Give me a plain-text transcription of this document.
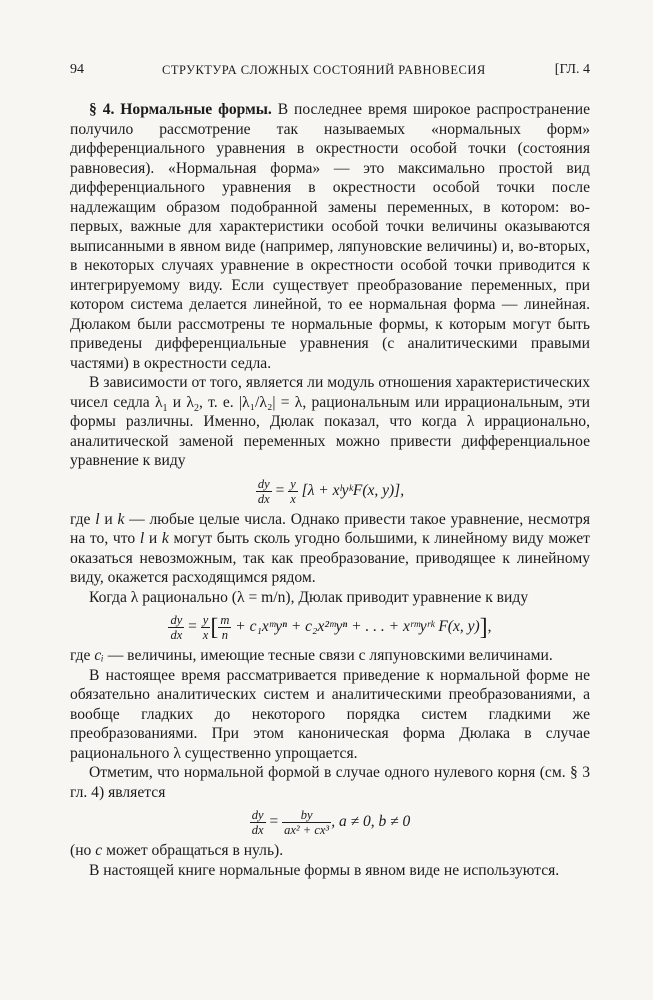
94	СТРУКТУРА СЛОЖНЫХ СОСТОЯНИЙ РАВНОВЕСИЯ	[ГЛ. 4

§ 4. Нормальные формы. В последнее время широкое распространение получило рассмотрение так называемых «нормальных форм» дифференциального уравнения в окрестности особой точки (состояния равновесия). «Нормальная форма» — это максимально простой вид дифференциального уравнения в окрестности особой точки после надлежащим образом подобранной замены переменных, в котором: во-первых, важные для характеристики особой точки величины оказываются выписанными в явном виде (например, ляпуновские величины) и, во-вторых, в некоторых случаях уравнение в окрестности особой точки приводится к интегрируемому виду. Если существует преобразование переменных, при котором система делается линейной, то ее нормальная форма — линейная. Дюлаком были рассмотрены те нормальные формы, к которым могут быть приведены дифференциальные уравнения (с аналитическими правыми частями) в окрестности седла.

В зависимости от того, является ли модуль отношения характеристических чисел седла $\lambda_1$ и $\lambda_2$, т. е. |λ₁/λ₂| = λ, рациональным или иррациональным, эти формы различны. Именно, Дюлак показал, что когда λ иррационально, аналитической заменой переменных можно привести дифференциальное уравнение к виду

$\frac{dy}{dx} = \frac{y}{x} [\lambda$ + xˡyᵏF(x, y)],

где l и k — любые целые числа. Однако привести такое уравнение, несмотря на то, что l и k могут быть сколь угодно большими, к линейному виду может оказаться невозможным, так как преобразование, приводящее к линейному виду, окажется расходящимся рядом.

Когда λ рационально (λ = m/n), Дюлак приводит уравнение к виду

$\frac{dy}{dx} = \frac{y}{x}$ [ $\frac{m}{n}$ + c₁xᵐyⁿ + c₂x²ᵐyⁿ + . . . + xʳᵐyʳᵏ F(x, y)],

где cᵢ — величины, имеющие тесные связи с ляпуновскими величинами.

В настоящее время рассматривается приведение к нормальной форме не обязательно аналитических систем и аналитическими преобразованиями, а вообще гладких до некоторого порядка систем гладкими же преобразованиями. При этом каноническая форма Дюлака в случае рационального λ существенно упрощается.

Отметим, что нормальной формой в случае одного нулевого корня (см. § 3 гл. 4) является

$\frac{dy}{dx} = \frac{by}{\text{ax² + cx³}}$ , a ≠ 0, b ≠ 0

(но c может обращаться в нуль).

В настоящей книге нормальные формы в явном виде не используются.
